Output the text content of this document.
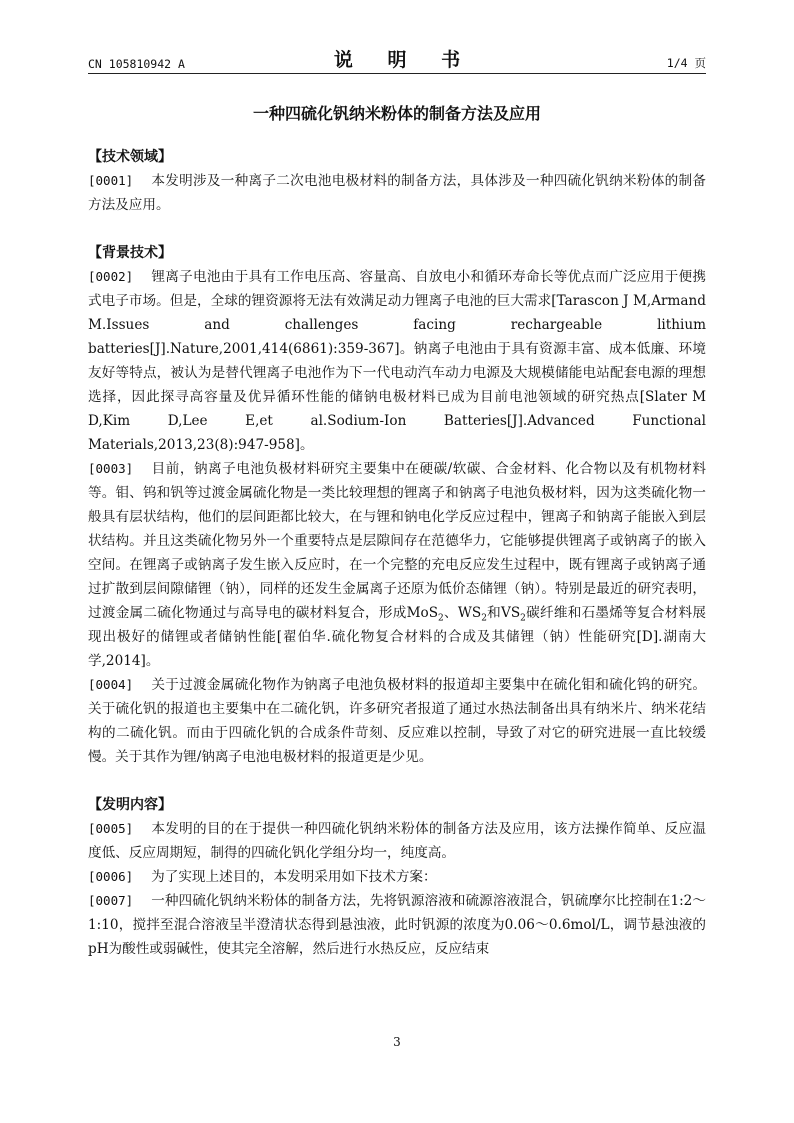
CN 105810942 A	说 明 书	1/4 页
一种四硫化钒纳米粉体的制备方法及应用
【技术领域】

[0001] 本发明涉及一种离子二次电池电极材料的制备方法，具体涉及一种四硫化钒纳米粉体的制备方法及应用。

【背景技术】

[0002] 锂离子电池由于具有工作电压高、容量高、自放电小和循环寿命长等优点而广泛应用于便携式电子市场。但是，全球的锂资源将无法有效满足动力锂离子电池的巨大需求[Tarascon J M,Armand M.Issues and challenges facing rechargeable lithium batteries[J].Nature,2001,414(6861):359-367]。钠离子电池由于具有资源丰富、成本低廉、环境友好等特点，被认为是替代锂离子电池作为下一代电动汽车动力电源及大规模储能电站配套电源的理想选择，因此探寻高容量及优异循环性能的储钠电极材料已成为目前电池领域的研究热点[Slater M D,Kim D,Lee E,et al.Sodium-Ion Batteries[J].Advanced Functional Materials,2013,23(8):947-958]。

[0003] 目前，钠离子电池负极材料研究主要集中在硬碳/软碳、合金材料、化合物以及有机物材料等。钼、钨和钒等过渡金属硫化物是一类比较理想的锂离子和钠离子电池负极材料，因为这类硫化物一般具有层状结构，他们的层间距都比较大，在与锂和钠电化学反应过程中，锂离子和钠离子能嵌入到层状结构。并且这类硫化物另外一个重要特点是层隙间存在范德华力，它能够提供锂离子或钠离子的嵌入空间。在锂离子或钠离子发生嵌入反应时，在一个完整的充电反应发生过程中，既有锂离子或钠离子通过扩散到层间隙储锂（钠），同样的还发生金属离子还原为低价态储锂（钠）。特别是最近的研究表明，过渡金属二硫化物通过与高导电的碳材料复合，形成MoS$_2$、$WS_2$和$VS_2$碳纤维和石墨烯等复合材料展现出极好的储锂或者储钠性能[翟伯华.硫化物复合材料的合成及其储锂（钠）性能研究[D].湖南大学,2014]。

[0004] 关于过渡金属硫化物作为钠离子电池负极材料的报道却主要集中在硫化钼和硫化钨的研究。关于硫化钒的报道也主要集中在二硫化钒，许多研究者报道了通过水热法制备出具有纳米片、纳米花结构的二硫化钒。而由于四硫化钒的合成条件苛刻、反应难以控制，导致了对它的研究进展一直比较缓慢。关于其作为锂/钠离子电池电极材料的报道更是少见。

【发明内容】

[0005] 本发明的目的在于提供一种四硫化钒纳米粉体的制备方法及应用，该方法操作简单、反应温度低、反应周期短，制得的四硫化钒化学组分均一，纯度高。

[0006] 为了实现上述目的，本发明采用如下技术方案：

[0007] 一种四硫化钒纳米粉体的制备方法，先将钒源溶液和硫源溶液混合，钒硫摩尔比控制在1:2～1:10，搅拌至混合溶液呈半澄清状态得到悬浊液，此时钒源的浓度为0.06～0.6mol/L，调节悬浊液的pH为酸性或弱碱性，使其完全溶解，然后进行水热反应，反应结束

3
